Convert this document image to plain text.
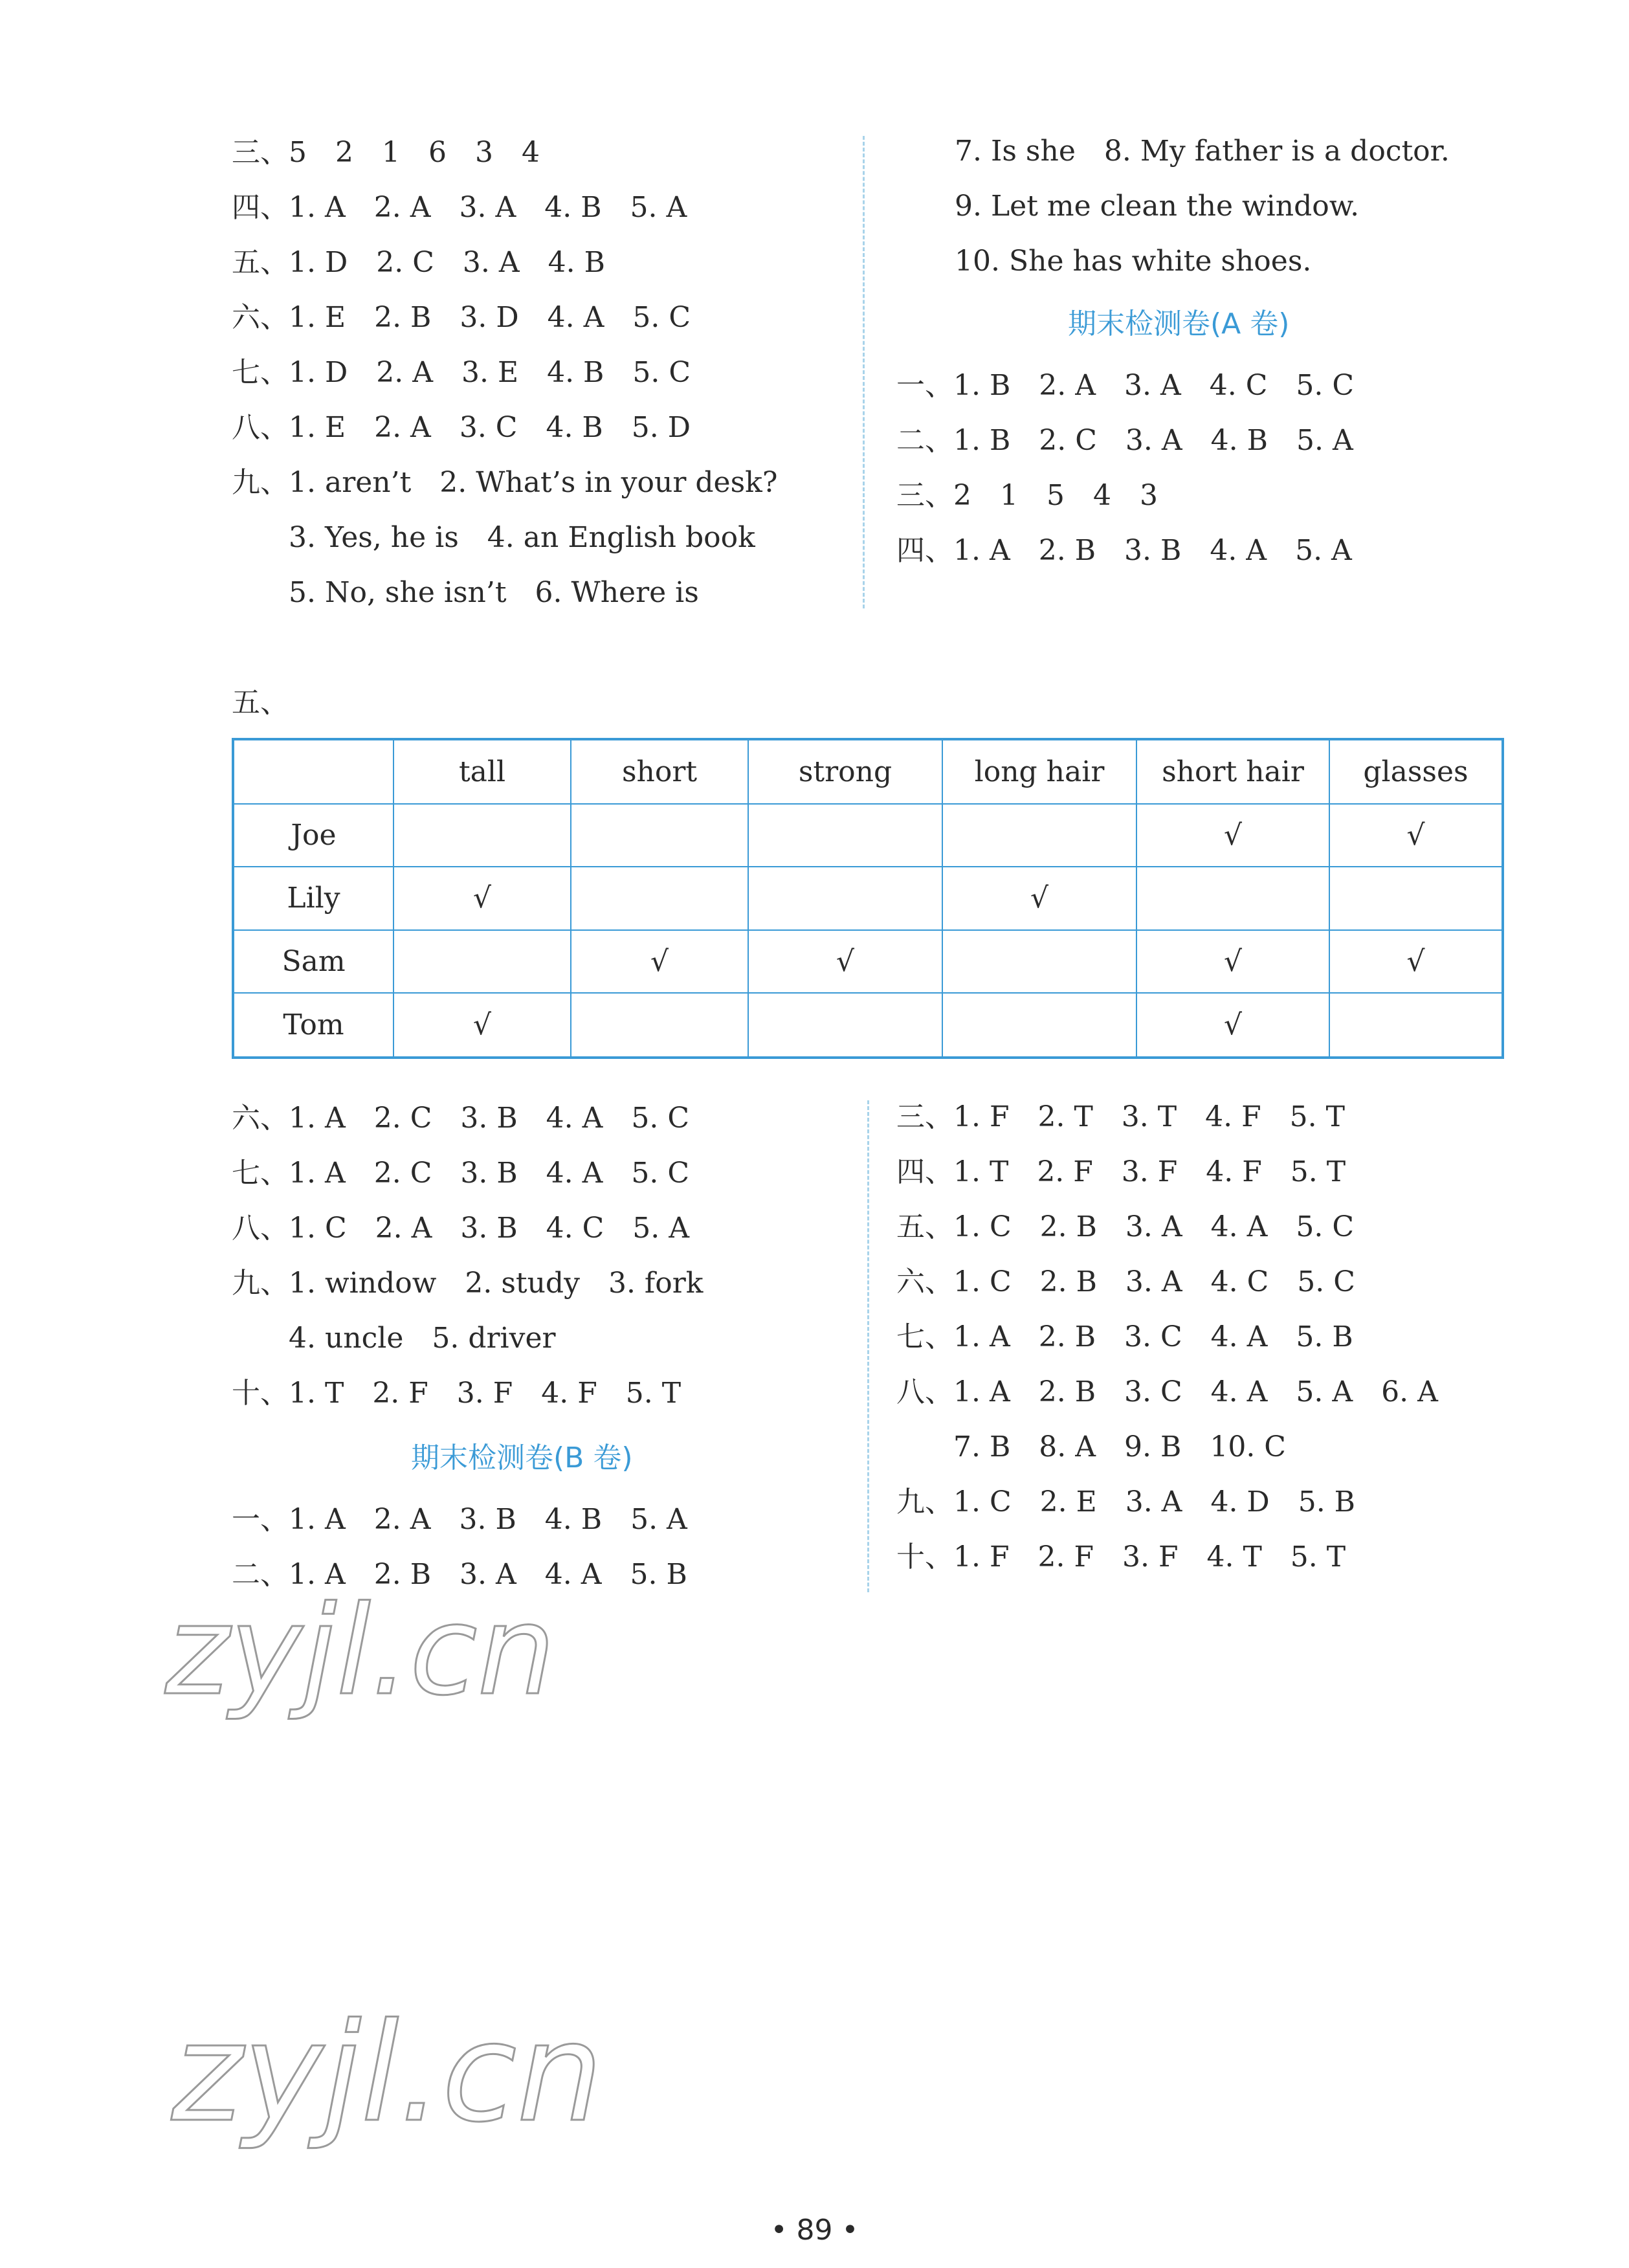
三、5　2　1　6　3　4
四、1. A　2. A　3. A　4. B　5. A
五、1. D　2. C　3. A　4. B
六、1. E　2. B　3. D　4. A　5. C
七、1. D　2. A　3. E　4. B　5. C
八、1. E　2. A　3. C　4. B　5. D
九、1. aren’t　2. What’s in your desk?
　　3. Yes, he is　4. an English book
　　5. No, she isn’t　6. Where is
7. Is she　8. My father is a doctor.
9. Let me clean the window.
10. She has white shoes.
期末检测卷(A 卷)
一、1. B　2. A　3. A　4. C　5. C
二、1. B　2. C　3. A　4. B　5. A
三、2　1　5　4　3
四、1. A　2. B　3. B　4. A　5. A
五、
	tall	short	strong	long hair	short hair	glasses
Joe					√	√
Lily	√			√		
Sam		√	√		√	√
Tom	√				√	
六、1. A　2. C　3. B　4. A　5. C
七、1. A　2. C　3. B　4. A　5. C
八、1. C　2. A　3. B　4. C　5. A
九、1. window　2. study　3. fork
　　4. uncle　5. driver
十、1. T　2. F　3. F　4. F　5. T
期末检测卷(B 卷)
一、1. A　2. A　3. B　4. B　5. A
二、1. A　2. B　3. A　4. A　5. B
三、1. F　2. T　3. T　4. F　5. T
四、1. T　2. F　3. F　4. F　5. T
五、1. C　2. B　3. A　4. A　5. C
六、1. C　2. B　3. A　4. C　5. C
七、1. A　2. B　3. C　4. A　5. B
八、1. A　2. B　3. C　4. A　5. A　6. A
　　7. B　8. A　9. B　10. C
九、1. C　2. E　3. A　4. D　5. B
十、1. F　2. F　3. F　4. T　5. T
zyjl.cn
zyjl.cn
• 89 •
